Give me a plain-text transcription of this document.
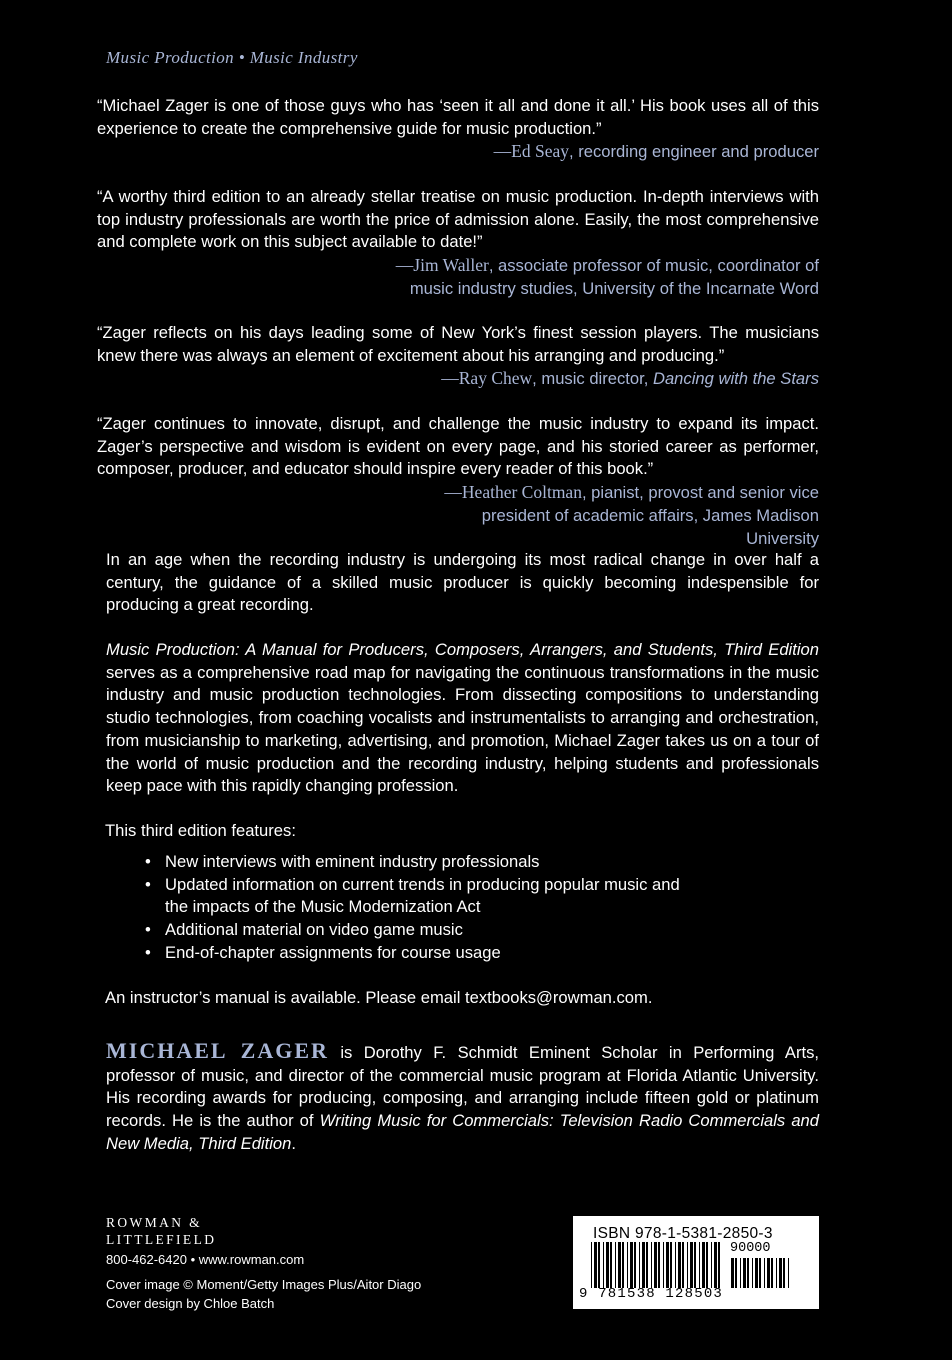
Music Production • Music Industry
“Michael Zager is one of those guys who has ‘seen it all and done it all.’ His book uses all of this experience to create the comprehensive guide for music production.”
—Ed Seay, recording engineer and producer
“A worthy third edition to an already stellar treatise on music production. In-depth interviews with top industry professionals are worth the price of admission alone. Easily, the most comprehensive and complete work on this subject available to date!”
—Jim Waller, associate professor of music, coordinator of music industry studies, University of the Incarnate Word
“Zager reflects on his days leading some of New York’s finest session players. The musicians knew there was always an element of excitement about his arranging and producing.”
—Ray Chew, music director, Dancing with the Stars
“Zager continues to innovate, disrupt, and challenge the music industry to expand its impact. Zager’s perspective and wisdom is evident on every page, and his storied career as performer, composer, producer, and educator should inspire every reader of this book.”
—Heather Coltman, pianist, provost and senior vice president of academic affairs, James Madison University
In an age when the recording industry is undergoing its most radical change in over half a century, the guidance of a skilled music producer is quickly becoming indespensible for producing a great recording.
Music Production: A Manual for Producers, Composers, Arrangers, and Students, Third Edition serves as a comprehensive road map for navigating the continuous transformations in the music industry and music production technologies. From dissecting compositions to understanding studio technologies, from coaching vocalists and instrumentalists to arranging and orchestration, from musicianship to marketing, advertising, and promotion, Michael Zager takes us on a tour of the world of music production and the recording industry, helping students and professionals keep pace with this rapidly changing profession.
This third edition features:
• New interviews with eminent industry professionals
• Updated information on current trends in producing popular music and the impacts of the Music Modernization Act
• Additional material on video game music
• End-of-chapter assignments for course usage
An instructor’s manual is available. Please email textbooks@rowman.com.
MICHAEL ZAGER is Dorothy F. Schmidt Eminent Scholar in Performing Arts, professor of music, and director of the commercial music program at Florida Atlantic University. His recording awards for producing, composing, and arranging include fifteen gold or platinum records. He is the author of Writing Music for Commercials: Television Radio Commercials and New Media, Third Edition.
ROWMAN &
LITTLEFIELD
800-462-6420 • www.rowman.com
Cover image © Moment/Getty Images Plus/Aitor Diago
Cover design by Chloe Batch
ISBN 978-1-5381-2850-3
90000
9 781538 128503
